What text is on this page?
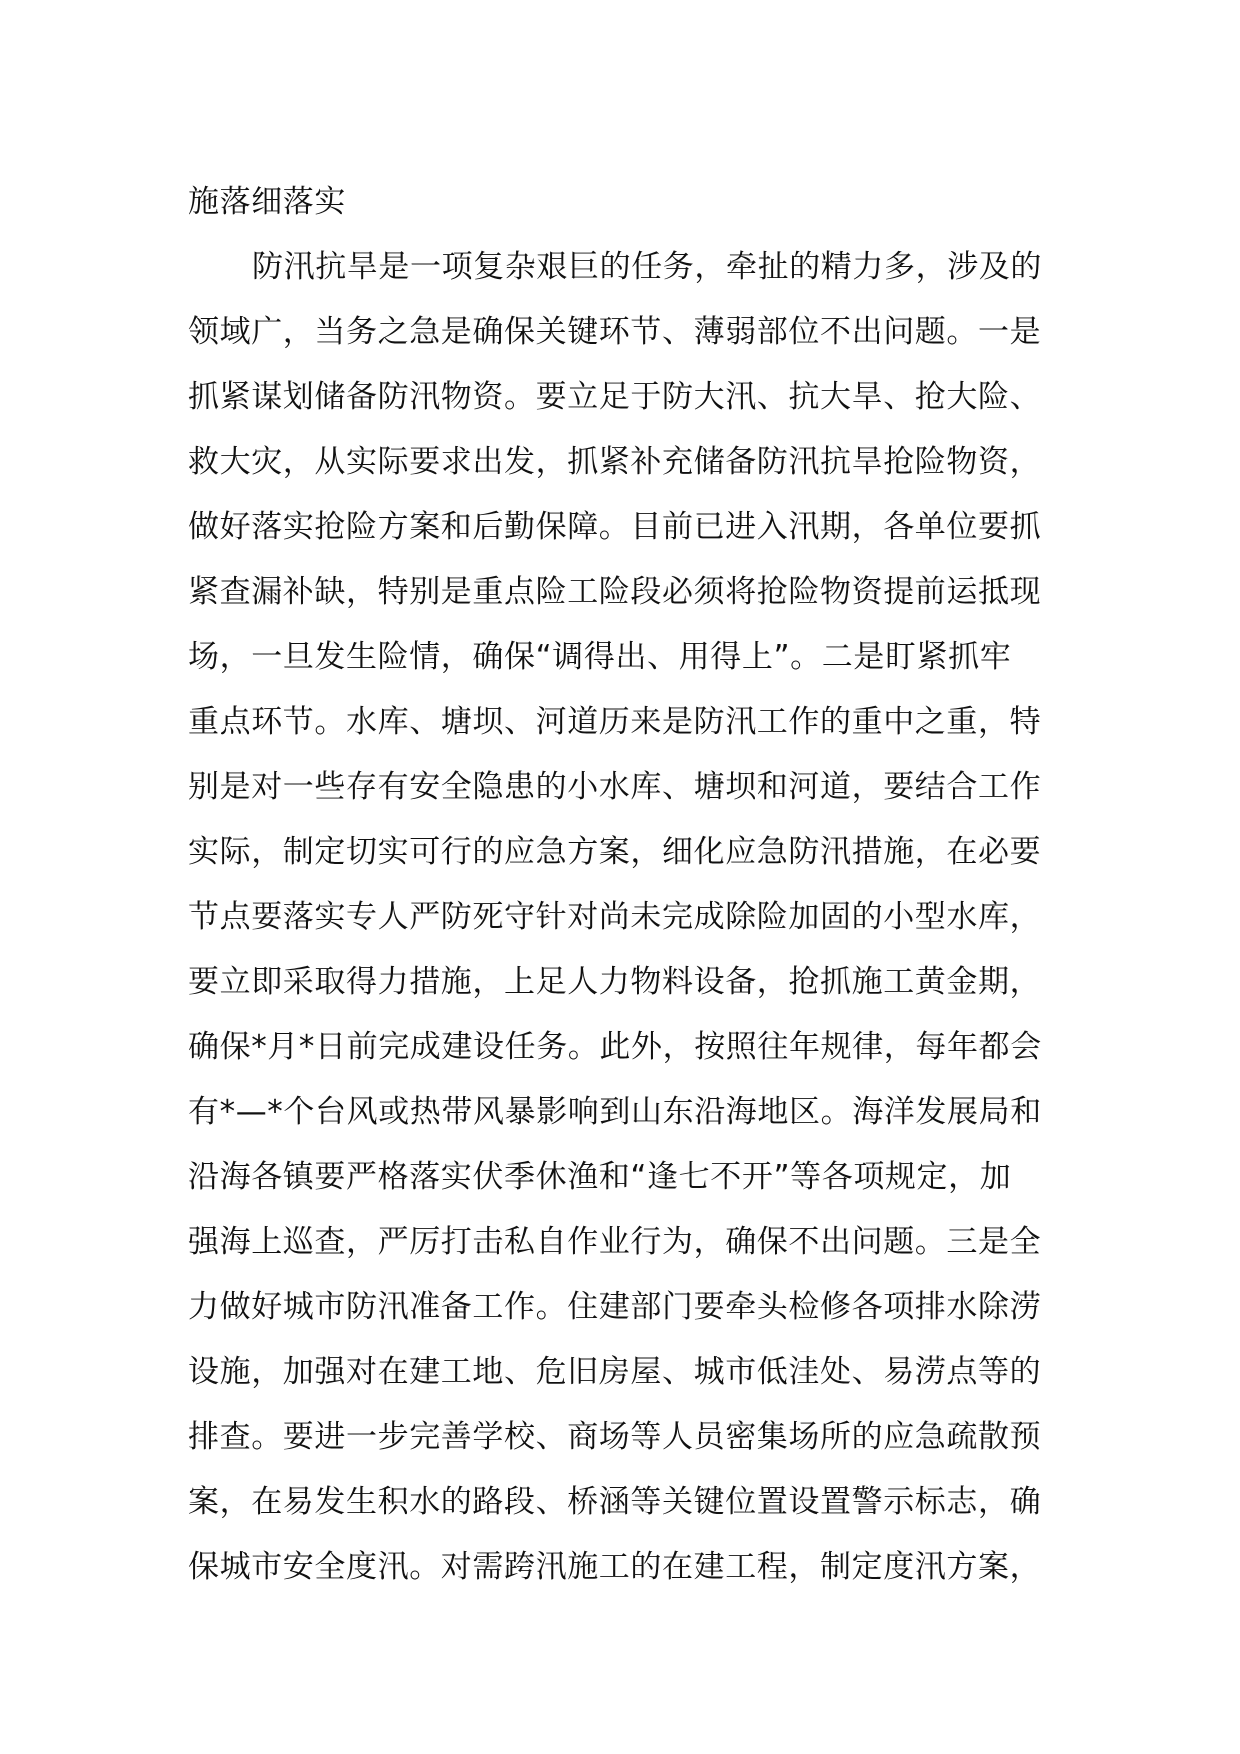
施落细落实
防汛抗旱是一项复杂艰巨的任务，牵扯的精力多，涉及的
领域广，当务之急是确保关键环节、薄弱部位不出问题。一是
抓紧谋划储备防汛物资。要立足于防大汛、抗大旱、抢大险、
救大灾，从实际要求出发，抓紧补充储备防汛抗旱抢险物资，
做好落实抢险方案和后勤保障。目前已进入汛期，各单位要抓
紧查漏补缺，特别是重点险工险段必须将抢险物资提前运抵现
场，一旦发生险情，确保“调得出、用得上”。二是盯紧抓牢
重点环节。水库、塘坝、河道历来是防汛工作的重中之重，特
别是对一些存有安全隐患的小水库、塘坝和河道，要结合工作
实际，制定切实可行的应急方案，细化应急防汛措施，在必要
节点要落实专人严防死守针对尚未完成除险加固的小型水库，
要立即采取得力措施，上足人力物料设备，抢抓施工黄金期，
确保*月*日前完成建设任务。此外，按照往年规律，每年都会
有*—*个台风或热带风暴影响到山东沿海地区。海洋发展局和
沿海各镇要严格落实伏季休渔和“逢七不开”等各项规定，加
强海上巡查，严厉打击私自作业行为，确保不出问题。三是全
力做好城市防汛准备工作。住建部门要牵头检修各项排水除涝
设施，加强对在建工地、危旧房屋、城市低洼处、易涝点等的
排查。要进一步完善学校、商场等人员密集场所的应急疏散预
案，在易发生积水的路段、桥涵等关键位置设置警示标志，确
保城市安全度汛。对需跨汛施工的在建工程，制定度汛方案，
